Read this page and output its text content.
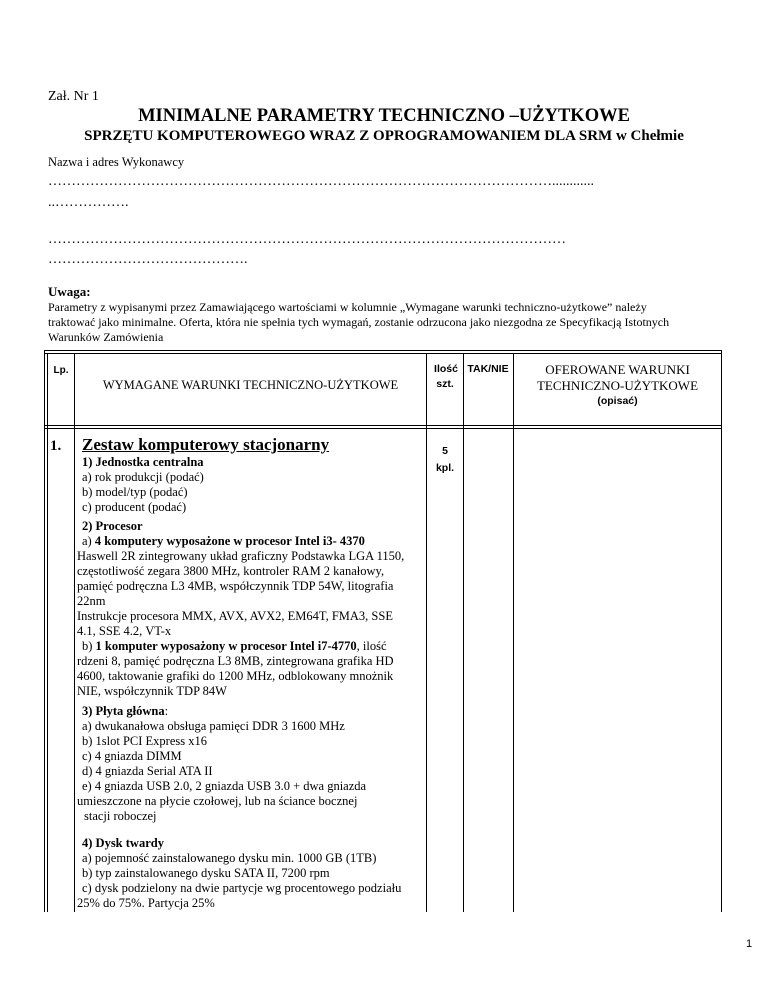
Zał. Nr 1
MINIMALNE PARAMETRY TECHNICZNO –UŻYTKOWE
SPRZĘTU KOMPUTEROWEGO WRAZ Z OPROGRAMOWANIEM DLA SRM w Chełmie
Nazwa i adres Wykonawcy
………………………………………………………………………………………………............
..…………….
…………………………………………………………………………………………………
…………………………………….
Uwaga:
Parametry z wypisanymi przez Zamawiającego wartościami w kolumnie „Wymagane warunki techniczno-użytkowe” należy
traktować jako minimalne. Oferta, która nie spełnia tych wymagań, zostanie odrzucona jako niezgodna ze Specyfikacją Istotnych
Warunków Zamówienia
Lp.
WYMAGANE WARUNKI TECHNICZNO-UŻYTKOWE
Ilość
szt.
TAK/NIE	OFEROWANE WARUNKI
TECHNICZNO-UŻYTKOWE
(opisać)
1. Zestaw komputerowy stacjonarny	5
kpl.

1) Jednostka centralna

a) rok produkcji (podać)

b) model/typ (podać)

c) producent (podać)

2) Procesor

a) 4 komputery wyposażone w procesor Intel i3- 4370

Haswell 2R zintegrowany układ graficzny Podstawka LGA 1150,

częstotliwość zegara 3800 MHz, kontroler RAM 2 kanałowy,

pamięć podręczna L3 4MB, współczynnik TDP 54W, litografia

22nm

Instrukcje procesora MMX, AVX, AVX2, EM64T, FMA3, SSE

4.1, SSE 4.2, VT-x

b) 1 komputer wyposażony w procesor Intel i7-4770, ilość

rdzeni 8, pamięć podręczna L3 8MB, zintegrowana grafika HD

4600, taktowanie grafiki do 1200 MHz, odblokowany mnożnik

NIE, współczynnik TDP 84W

3) Płyta główna:

a) dwukanałowa obsługa pamięci DDR 3 1600 MHz

b) 1slot PCI Express x16

c) 4 gniazda DIMM

d) 4 gniazda Serial ATA II

e) 4 gniazda USB 2.0, 2 gniazda USB 3.0 + dwa gniazda

umieszczone na płycie czołowej, lub na ściance bocznej

stacji roboczej

4) Dysk twardy

a) pojemność zainstalowanego dysku min. 1000 GB (1TB)

b) typ zainstalowanego dysku SATA II, 7200 rpm

c) dysk podzielony na dwie partycje wg procentowego podziału

25% do 75%. Partycja 25%

1
